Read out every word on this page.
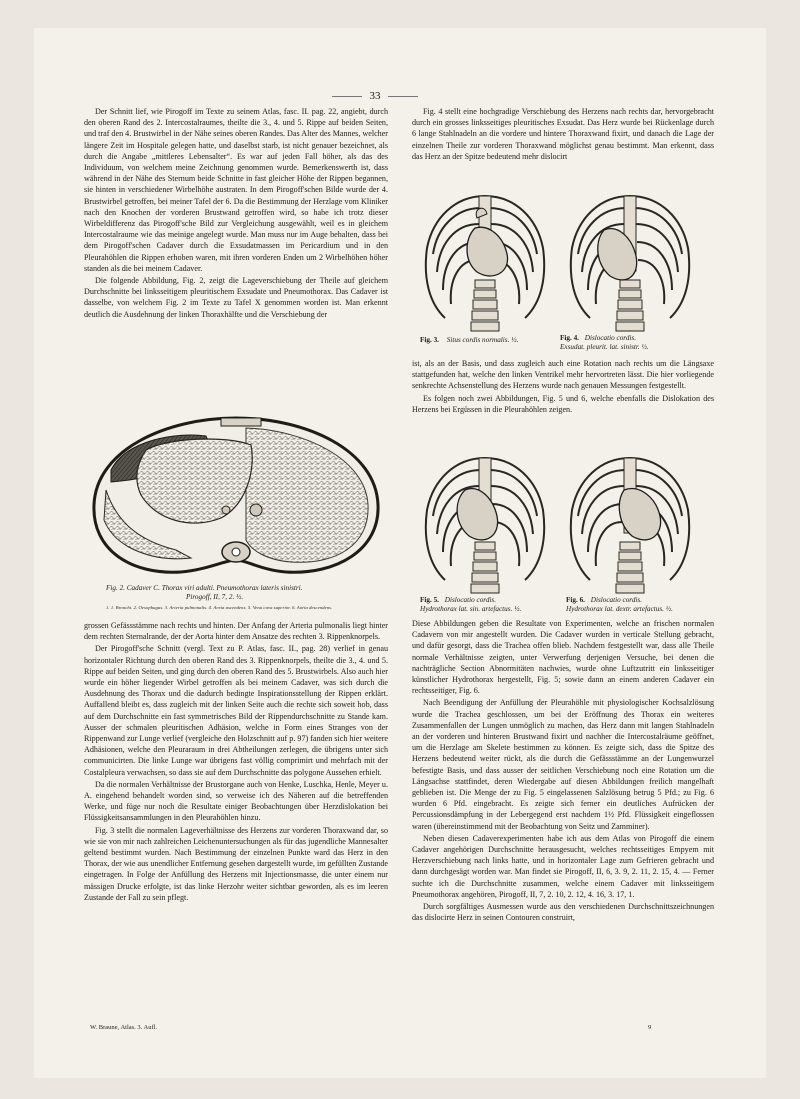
33

Der Schnitt lief, wie Pirogoff im Texte zu seinem Atlas, fasc. II. pag. 22, angiebt, durch den oberen Rand des 2. Intercostalraumes, theilte die 3., 4. und 5. Rippe auf beiden Seiten, und traf den 4. Brustwirbel in der Nähe seines oberen Randes. Das Alter des Mannes, welcher längere Zeit im Hospitale gelegen hatte, und daselbst starb, ist nicht genauer bezeichnet, als durch die Angabe „mittleres Lebensalter“. Es war auf jeden Fall höher, als das des Individuum, von welchem meine Zeichnung genommen wurde. Bemerkenswerth ist, dass während in der Nähe des Sternum beide Schnitte in fast gleicher Höhe der Rippen begannen, sie hinten in verschiedener Wirbelhöhe austraten. In dem Pirogoff'schen Bilde wurde der 4. Brustwirbel getroffen, bei meiner Tafel der 6. Da die Bestimmung der Herzlage vom Kliniker nach den Knochen der vorderen Brustwand getroffen wird, so habe ich trotz dieser Wirbeldifferenz das Pirogoff'sche Bild zur Vergleichung ausgewählt, weil es in gleichem Intercostalraume wie das meinige angelegt wurde. Man muss nur im Auge behalten, dass bei dem Pirogoff'schen Cadaver durch die Exsudatmassen im Pericardium und in den Pleurahöhlen die Rippen erhoben waren, mit ihren vorderen Enden um 2 Wirbelhöhen höher standen als die bei meinem Cadaver.

Die folgende Abbildung, Fig. 2, zeigt die Lageverschiebung der Theile auf gleichem Durchschnitte bei linksseitigem pleuritischem Exsudate und Pneumothorax. Das Cadaver ist dasselbe, von welchem Fig. 2 im Texte zu Tafel X genommen worden ist. Man erkennt deutlich die Ausdehnung der linken Thoraxhälfte und die Verschiebung der

Fig. 2. Cadaver C. Thorax viri adulti. Pneumothorax lateris sinistri.
Pirogoff, II, 7, 2. ½.
1. 1. Bronchi. 2. Oesophagus. 3. Arteria pulmonalis. 4. Aorta ascendens. 5. Vena cava superior. 6. Aorta descendens.

grossen Gefässstämme nach rechts und hinten. Der Anfang der Arteria pulmonalis liegt hinter dem rechten Sternalrande, der der Aorta hinter dem Ansatze des rechten 3. Rippenknorpels.

Der Pirogoff'sche Schnitt (vergl. Text zu P. Atlas, fasc. II., pag. 28) verlief in genau horizontaler Richtung durch den oberen Rand des 3. Rippenknorpels, theilte die 3., 4. und 5. Rippe auf beiden Seiten, und ging durch den oberen Rand des 5. Brustwirbels. Also auch hier wurde ein höher liegender Wirbel getroffen als bei meinem Cadaver, was sich durch die Ausdehnung des Thorax und die dadurch bedingte Inspirationsstellung der Rippen erklärt. Auffallend bleibt es, dass zugleich mit der linken Seite auch die rechte sich soweit hob, dass auf dem Durchschnitte ein fast symmetrisches Bild der Rippendurchschnitte zu Stande kam. Ausser der schmalen pleuritischen Adhäsion, welche in Form eines Stranges von der Rippenwand zur Lunge verlief (vergleiche den Holzschnitt auf p. 97) fanden sich hier weitere Adhäsionen, welche den Pleuraraum in drei Abtheilungen zerlegen, die übrigens unter sich communicirten. Die linke Lunge war übrigens fast völlig comprimirt und mehrfach mit der Costalpleura verwachsen, so dass sie auf dem Durchschnitte das polygone Aussehen erhielt.

Da die normalen Verhältnisse der Brustorgane auch von Henke, Luschka, Henle, Meyer u. A. eingehend behandelt worden sind, so verweise ich des Näheren auf die betreffenden Werke, und füge nur noch die Resultate einiger Beobachtungen über Herzdislokation bei Flüssigkeitsansammlungen in den Pleurahöhlen hinzu.

Fig. 3 stellt die normalen Lageverhältnisse des Herzens zur vorderen Thoraxwand dar, so wie sie von mir nach zahlreichen Leichenuntersuchungen als für das jugendliche Mannesalter geltend bestimmt wurden. Nach Bestimmung der einzelnen Punkte ward das Herz in den Thorax, der wie aus unendlicher Entfernung gesehen dargestellt wurde, im gefüllten Zustande eingetragen. In Folge der Anfüllung des Herzens mit Injectionsmasse, die unter einem nur mässigen Drucke erfolgte, ist das linke Herzohr weiter sichtbar geworden, als es im leeren Zustande der Fall zu sein pflegt.

W. Braune, Atlas. 3. Aufl.

Fig. 4 stellt eine hochgradige Verschiebung des Herzens nach rechts dar, hervorgebracht durch ein grosses linksseitiges pleuritisches Exsudat. Das Herz wurde bei Rückenlage durch 6 lange Stahlnadeln an die vordere und hintere Thoraxwand fixirt, und danach die Lage der einzelnen Theile zur vorderen Thoraxwand möglichst genau bestimmt. Man erkennt, dass das Herz an der Spitze bedeutend mehr dislocirt

Fig. 3. Situs cordis normalis. ½.	Fig. 4. Dislocatio cordis.
Exsudat. pleurit. lat. sinistr. ½.

ist, als an der Basis, und dass zugleich auch eine Rotation nach rechts um die Längsaxe stattgefunden hat, welche den linken Ventrikel mehr hervortreten lässt. Die hier vorliegende senkrechte Achsenstellung des Herzens wurde nach genauen Messungen festgestellt.

Es folgen noch zwei Abbildungen, Fig. 5 und 6, welche ebenfalls die Dislokation des Herzens bei Ergüssen in die Pleurahöhlen zeigen.

Fig. 5. Dislocatio cordis.
Hydrothorax lat. sin. artefactus. ½.
Fig. 6. Dislocatio cordis.
Hydrothorax lat. dextr. artefactus. ½.

Diese Abbildungen geben die Resultate von Experimenten, welche an frischen normalen Cadavern von mir angestellt wurden. Die Cadaver wurden in verticale Stellung gebracht, und dafür gesorgt, dass die Trachea offen blieb. Nachdem festgestellt war, dass alle Theile normale Verhältnisse zeigten, unter Verwerfung derjenigen Versuche, bei denen die nachträgliche Section Abnormitäten nachwies, wurde ohne Luftzutritt ein linksseitiger künstlicher Hydrothorax hergestellt, Fig. 5; sowie dann an einem anderen Cadaver ein rechtsseitiger, Fig. 6.

Nach Beendigung der Anfüllung der Pleurahöhle mit physiologischer Kochsalzlösung wurde die Trachea geschlossen, um bei der Eröffnung des Thorax ein weiteres Zusammenfallen der Lungen unmöglich zu machen, das Herz dann mit langen Stahlnadeln an der vorderen und hinteren Brustwand fixirt und nachher die Intercostalräume geöffnet, um die Herzlage am Skelete bestimmen zu können. Es zeigte sich, dass die Spitze des Herzens bedeutend weiter rückt, als die durch die Gefässstämme an der Lungenwurzel befestigte Basis, und dass ausser der seitlichen Verschiebung noch eine Rotation um die Längsachse stattfindet, deren Wiedergabe auf diesen Abbildungen freilich mangelhaft geblieben ist. Die Menge der zu Fig. 5 eingelassenen Salzlösung betrug 5 Pfd.; zu Fig. 6 wurden 6 Pfd. eingebracht. Es zeigte sich ferner ein deutliches Aufrücken der Percussionsdämpfung in der Lebergegend erst nachdem 1½ Pfd. Flüssigkeit eingeflossen waren (übereinstimmend mit der Beobachtung von Seitz und Zamminer).

Neben diesen Cadaverexperimenten habe ich aus dem Atlas von Pirogoff die einem Cadaver angehörigen Durchschnitte herausgesucht, welches rechtsseitiges Empyem mit Herzverschiebung nach links hatte, und in horizontaler Lage zum Gefrieren gebracht und dann durchgesägt worden war. Man findet sie Pirogoff, II, 6, 3. 9, 2. 11, 2. 15, 4. — Ferner suchte ich die Durchschnitte zusammen, welche einem Cadaver mit linksseitigem Pneumothorax angehören, Pirogoff, II, 7, 2. 10, 2. 12, 4. 16, 3. 17, 1.

Durch sorgfältiges Ausmessen wurde aus den verschiedenen Durchschnittszeichnungen das dislocirte Herz in seinen Contouren construirt,

9
